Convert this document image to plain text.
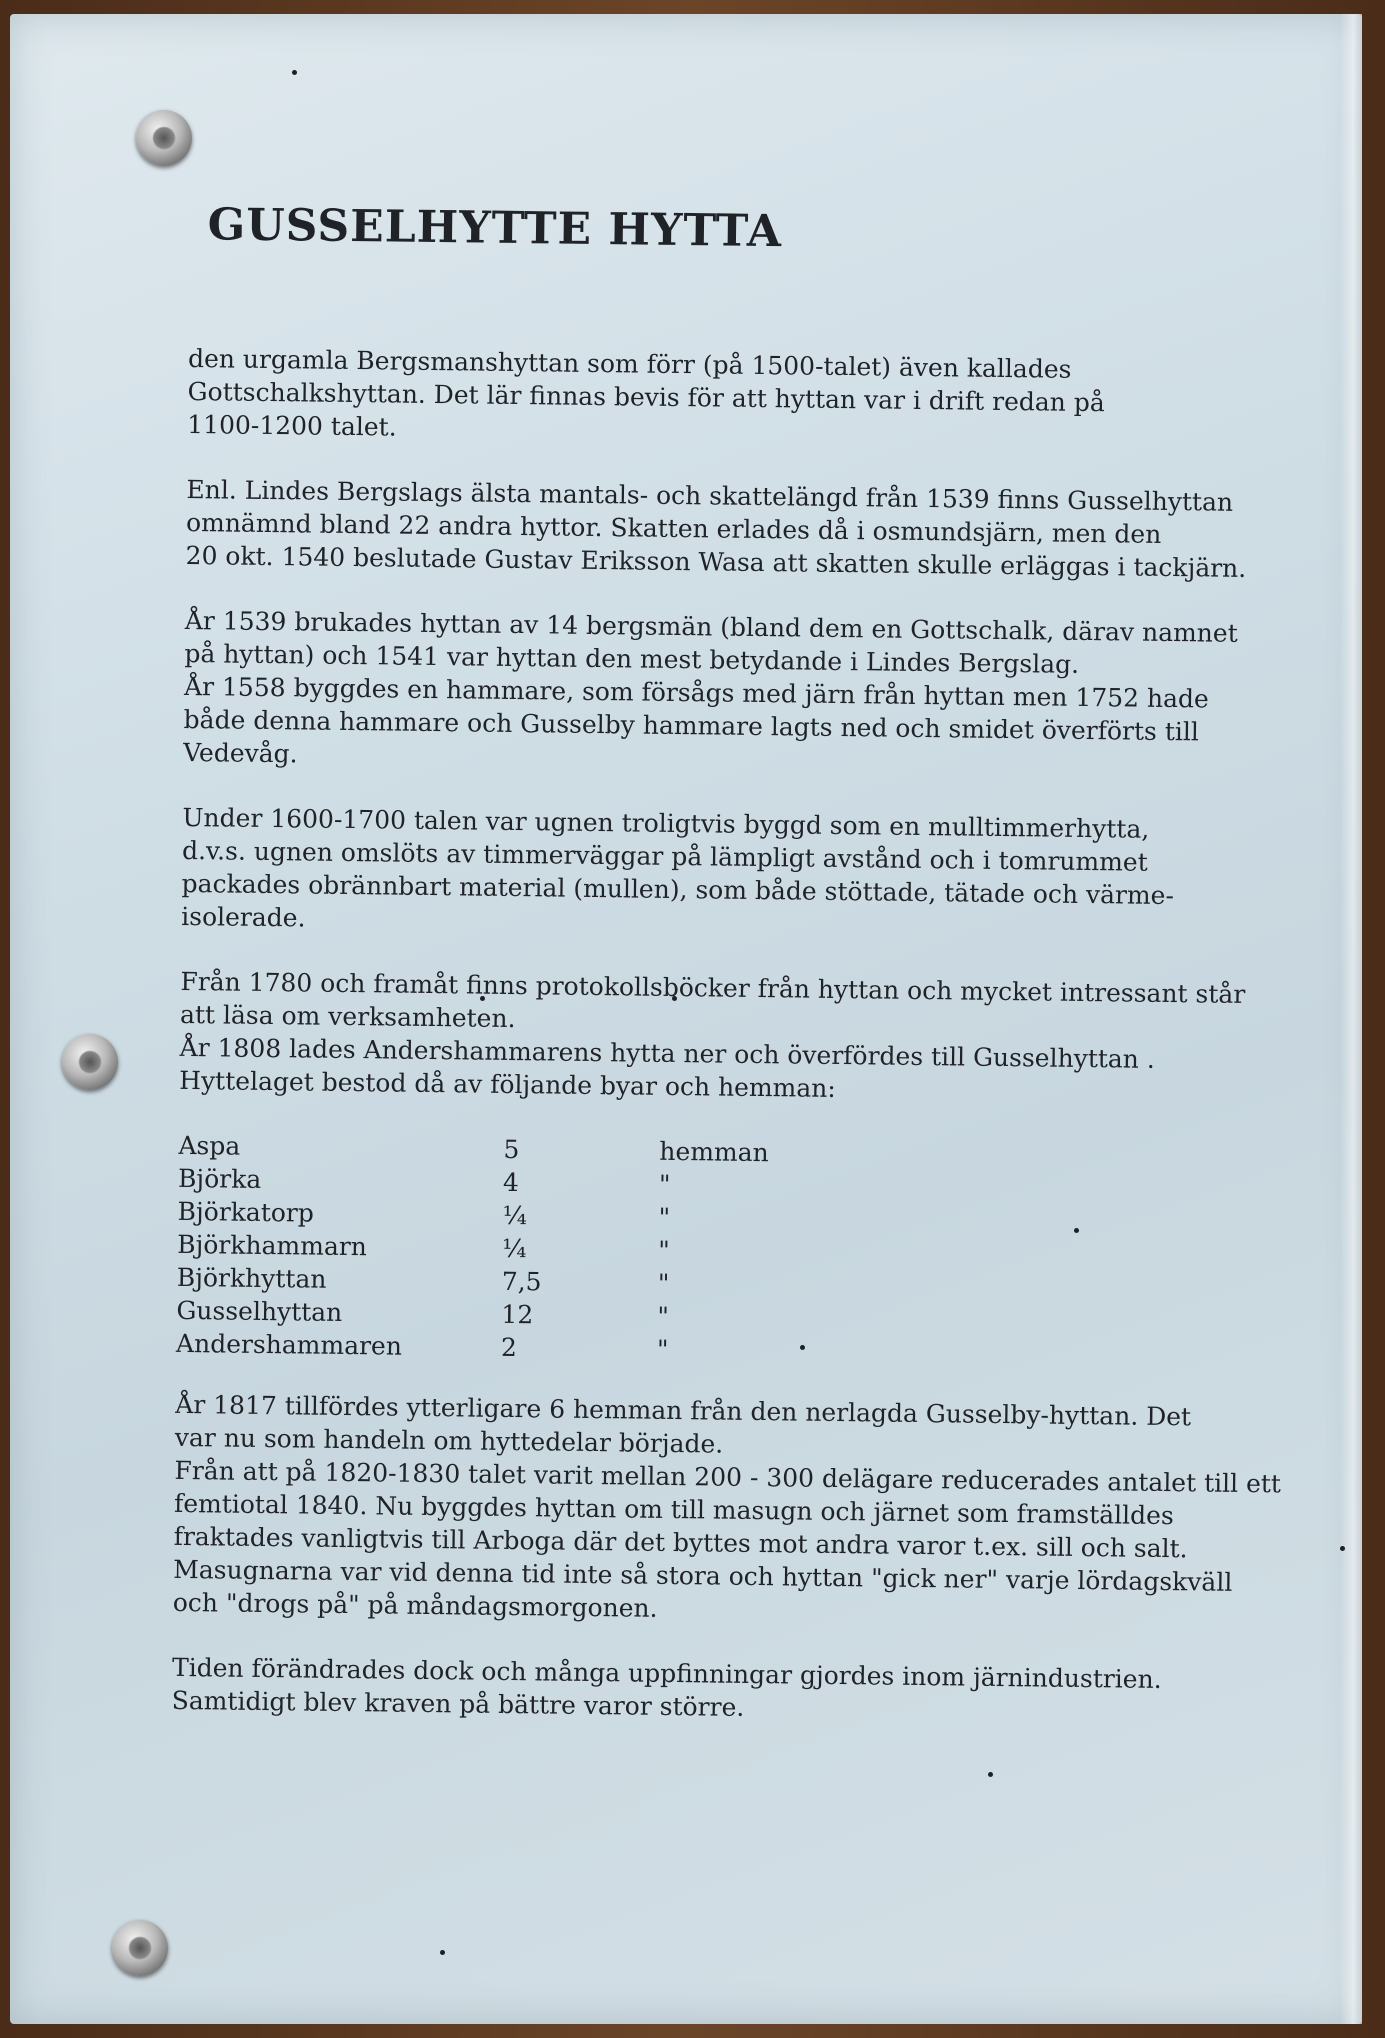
GUSSELHYTTE HYTTA
den urgamla Bergsmanshyttan som förr (på 1500-talet) även kallades
Gottschalkshyttan. Det lär finnas bevis för att hyttan var i drift redan på
1100-1200 talet.
Enl. Lindes Bergslags älsta mantals- och skattelängd från 1539 finns Gusselhyttan
omnämnd bland 22 andra hyttor. Skatten erlades då i osmundsjärn, men den
20 okt. 1540 beslutade Gustav Eriksson Wasa att skatten skulle erläggas i tackjärn.
År 1539 brukades hyttan av 14 bergsmän (bland dem en Gottschalk, därav namnet
på hyttan) och 1541 var hyttan den mest betydande i Lindes Bergslag.
År 1558 byggdes en hammare, som försågs med järn från hyttan men 1752 hade
både denna hammare och Gusselby hammare lagts ned och smidet överförts till
Vedevåg.
Under 1600-1700 talen var ugnen troligtvis byggd som en mulltimmerhytta,
d.v.s. ugnen omslöts av timmerväggar på lämpligt avstånd och i tomrummet
packades obrännbart material (mullen), som både stöttade, tätade och värme-
isolerade.
Från 1780 och framåt finns protokollsböcker från hyttan och mycket intressant står
att läsa om verksamheten.
År 1808 lades Andershammarens hytta ner och överfördes till Gusselhyttan .
Hyttelaget bestod då av följande byar och hemman:
Aspa	5	hemman
Björka	4	"
Björkatorp	¼	"
Björkhammarn	¼	"
Björkhyttan	7,5	"
Gusselhyttan	12	"
Andershammaren	2	"
År 1817 tillfördes ytterligare 6 hemman från den nerlagda Gusselby-hyttan. Det
var nu som handeln om hyttedelar började.
Från att på 1820-1830 talet varit mellan 200 - 300 delägare reducerades antalet till ett
femtiotal 1840. Nu byggdes hyttan om till masugn och järnet som framställdes
fraktades vanligtvis till Arboga där det byttes mot andra varor t.ex. sill och salt.
Masugnarna var vid denna tid inte så stora och hyttan "gick ner" varje lördagskväll
och "drogs på" på måndagsmorgonen.
Tiden förändrades dock och många uppfinningar gjordes inom järnindustrien.
Samtidigt blev kraven på bättre varor större.
